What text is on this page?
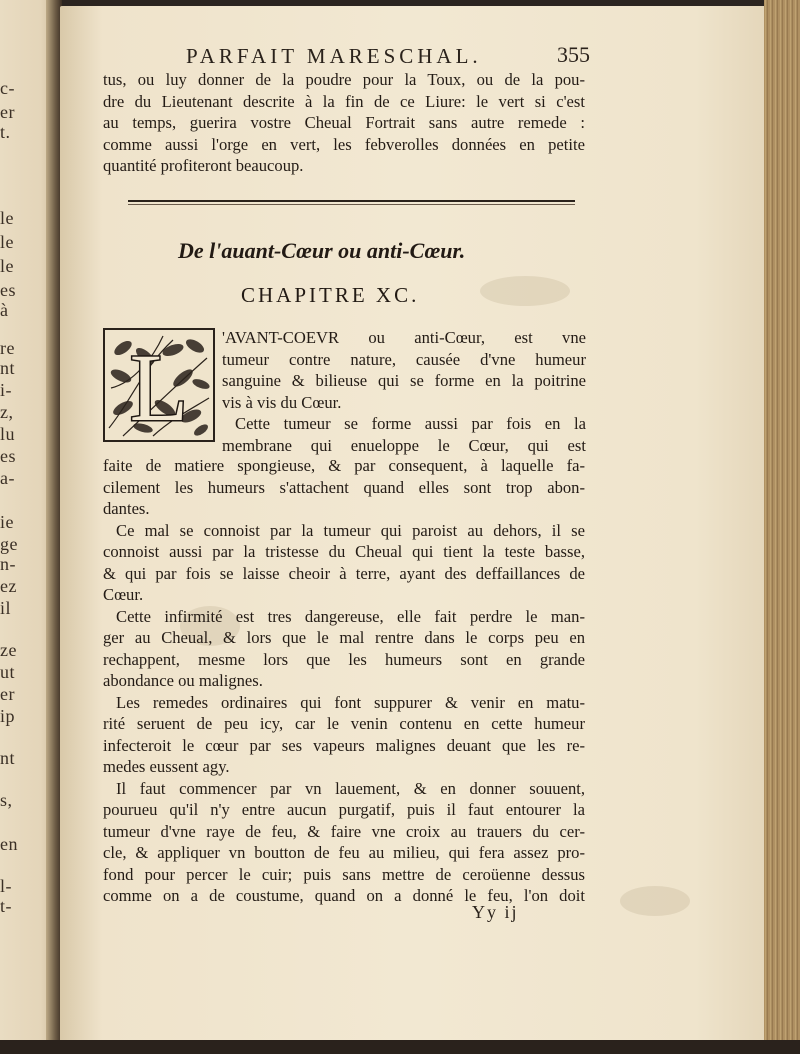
c-
er
t.
le
le
le
es
à
re
nt
i-
z,
lu
es
a-
ie
ge
n-
ez
il
ze
ut
er
ip
nt
s,
en
l-
t-
PARFAIT MARESCHAL.	355
tus, ou luy donner de la poudre pour la Toux, ou de la pou-
dre du Lieutenant descrite à la fin de ce Liure: le vert si c'est
au temps, guerira vostre Cheual Fortrait sans autre remede :
comme aussi l'orge en vert, les febverolles données en petite
quantité profiteront beaucoup.
De l'auant-Cœur ou anti-Cœur.
CHAPITRE XC.
L 'AVANT-COEVR ou anti-Cœur, est vne
tumeur contre nature, causée d'vne humeur
sanguine & bilieuse qui se forme en la poitrine
vis à vis du Cœur.
Cette tumeur se forme aussi par fois en la
membrane qui enueloppe le Cœur, qui est
faite de matiere spongieuse, & par consequent, à laquelle fa-
cilement les humeurs s'attachent quand elles sont trop abon-
dantes.
Ce mal se connoist par la tumeur qui paroist au dehors, il se
connoist aussi par la tristesse du Cheual qui tient la teste basse,
& qui par fois se laisse cheoir à terre, ayant des deffaillances de
Cœur.
Cette infirmité est tres dangereuse, elle fait perdre le man-
ger au Cheual, & lors que le mal rentre dans le corps peu en
rechappent, mesme lors que les humeurs sont en grande
abondance ou malignes.
Les remedes ordinaires qui font suppurer & venir en matu-
rité seruent de peu icy, car le venin contenu en cette humeur
infecteroit le cœur par ses vapeurs malignes deuant que les re-
medes eussent agy.
Il faut commencer par vn lauement, & en donner souuent,
pourueu qu'il n'y entre aucun purgatif, puis il faut entourer la
tumeur d'vne raye de feu, & faire vne croix au trauers du cer-
cle, & appliquer vn boutton de feu au milieu, qui fera assez pro-
fond pour percer le cuir; puis sans mettre de ceroüenne dessus
comme on a de coustume, quand on a donné le feu, l'on doit
Yy ij
